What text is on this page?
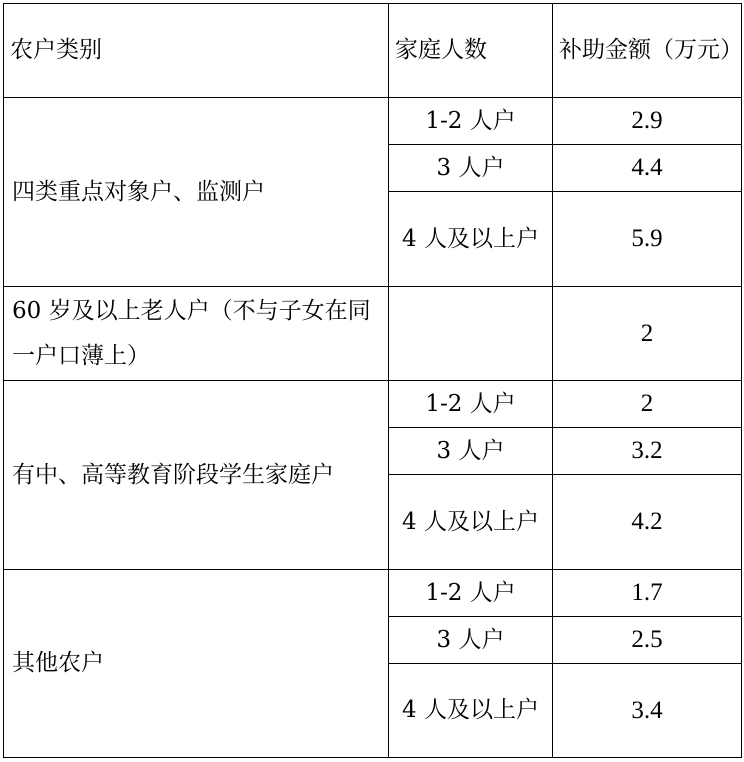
农户类别	家庭人数	补助金额（万元）
四类重点对象户、监测户	1-2 人户	2.9
	3 人户	4.4
	4 人及以上户	5.9
60 岁及以上老人户（不与子女在同一户口薄上）		2
有中、高等教育阶段学生家庭户	1-2 人户	2
	3 人户	3.2
	4 人及以上户	4.2
其他农户	1-2 人户	1.7
	3 人户	2.5
	4 人及以上户	3.4
